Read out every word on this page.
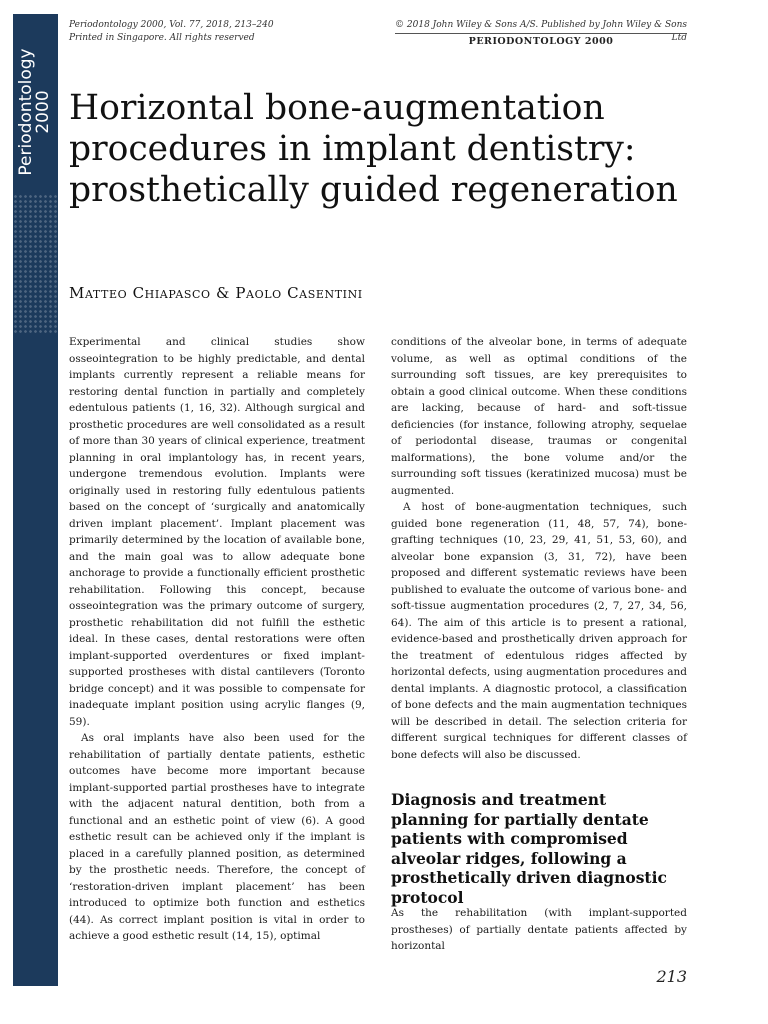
Periodontology
2000
Periodontology 2000, Vol. 77, 2018, 213–240
Printed in Singapore. All rights reserved
© 2018 John Wiley & Sons A/S. Published by John Wiley & Sons Ltd
PERIODONTOLOGY 2000
Horizontal bone-augmentation procedures in implant dentistry: prosthetically guided regeneration
Matteo Chiapasco & Paolo Casentini

Experimental and clinical studies show osseointegration to be highly predictable, and dental implants currently represent a reliable means for restoring dental function in partially and completely edentulous patients (1, 16, 32). Although surgical and prosthetic procedures are well consolidated as a result of more than 30 years of clinical experience, treatment planning in oral implantology has, in recent years, undergone tremendous evolution. Implants were originally used in restoring fully edentulous patients based on the concept of ‘surgically and anatomically driven implant placement’. Implant placement was primarily determined by the location of available bone, and the main goal was to allow adequate bone anchorage to provide a functionally efficient prosthetic rehabilitation. Following this concept, because osseointegration was the primary outcome of surgery, prosthetic rehabilitation did not fulfill the esthetic ideal. In these cases, dental restorations were often implant-supported overdentures or fixed implant-supported prostheses with distal cantilevers (Toronto bridge concept) and it was possible to compensate for inadequate implant position using acrylic flanges (9, 59).

As oral implants have also been used for the rehabilitation of partially dentate patients, esthetic outcomes have become more important because implant-supported partial prostheses have to integrate with the adjacent natural dentition, both from a functional and an esthetic point of view (6). A good esthetic result can be achieved only if the implant is placed in a carefully planned position, as determined by the prosthetic needs. Therefore, the concept of ‘restoration-driven implant placement’ has been introduced to optimize both function and esthetics (44). As correct implant position is vital in order to achieve a good esthetic result (14, 15), optimal

conditions of the alveolar bone, in terms of adequate volume, as well as optimal conditions of the surrounding soft tissues, are key prerequisites to obtain a good clinical outcome. When these conditions are lacking, because of hard- and soft-tissue deficiencies (for instance, following atrophy, sequelae of periodontal disease, traumas or congenital malformations), the bone volume and/or the surrounding soft tissues (keratinized mucosa) must be augmented.

A host of bone-augmentation techniques, such guided bone regeneration (11, 48, 57, 74), bone-grafting techniques (10, 23, 29, 41, 51, 53, 60), and alveolar bone expansion (3, 31, 72), have been proposed and different systematic reviews have been published to evaluate the outcome of various bone- and soft-tissue augmentation procedures (2, 7, 27, 34, 56, 64). The aim of this article is to present a rational, evidence-based and prosthetically driven approach for the treatment of edentulous ridges affected by horizontal defects, using augmentation procedures and dental implants. A diagnostic protocol, a classification of bone defects and the main augmentation techniques will be described in detail. The selection criteria for different surgical techniques for different classes of bone defects will also be discussed.

Diagnosis and treatment planning for partially dentate patients with compromised alveolar ridges, following a prosthetically driven diagnostic protocol

As the rehabilitation (with implant-supported prostheses) of partially dentate patients affected by horizontal

213
